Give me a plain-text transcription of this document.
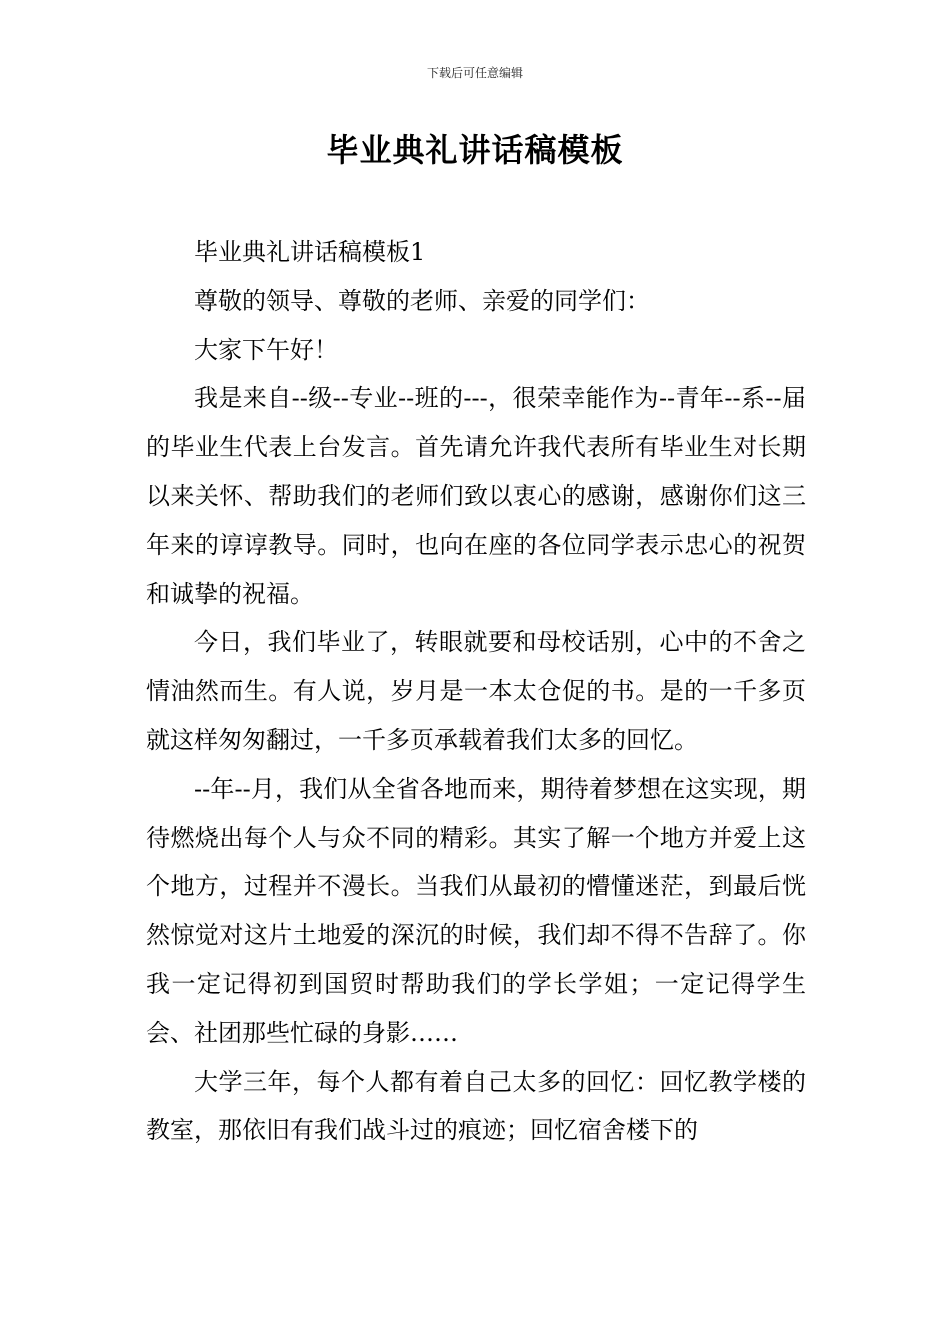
下载后可任意编辑
毕业典礼讲话稿模板

毕业典礼讲话稿模板1

尊敬的领导、尊敬的老师、亲爱的同学们：

大家下午好！

我是来自--级--专业--班的---，很荣幸能作为--青年--系--届的毕业生代表上台发言。首先请允许我代表所有毕业生对长期以来关怀、帮助我们的老师们致以衷心的感谢，感谢你们这三年来的谆谆教导。同时，也向在座的各位同学表示忠心的祝贺和诚挚的祝福。

今日，我们毕业了，转眼就要和母校话别，心中的不舍之情油然而生。有人说，岁月是一本太仓促的书。是的一千多页就这样匆匆翻过，一千多页承载着我们太多的回忆。

--年--月，我们从全省各地而来，期待着梦想在这实现，期待燃烧出每个人与众不同的精彩。其实了解一个地方并爱上这个地方，过程并不漫长。当我们从最初的懵懂迷茫，到最后恍然惊觉对这片土地爱的深沉的时候，我们却不得不告辞了。你我一定记得初到国贸时帮助我们的学长学姐；一定记得学生会、社团那些忙碌的身影……

大学三年，每个人都有着自己太多的回忆：回忆教学楼的教室，那依旧有我们战斗过的痕迹；回忆宿舍楼下的
